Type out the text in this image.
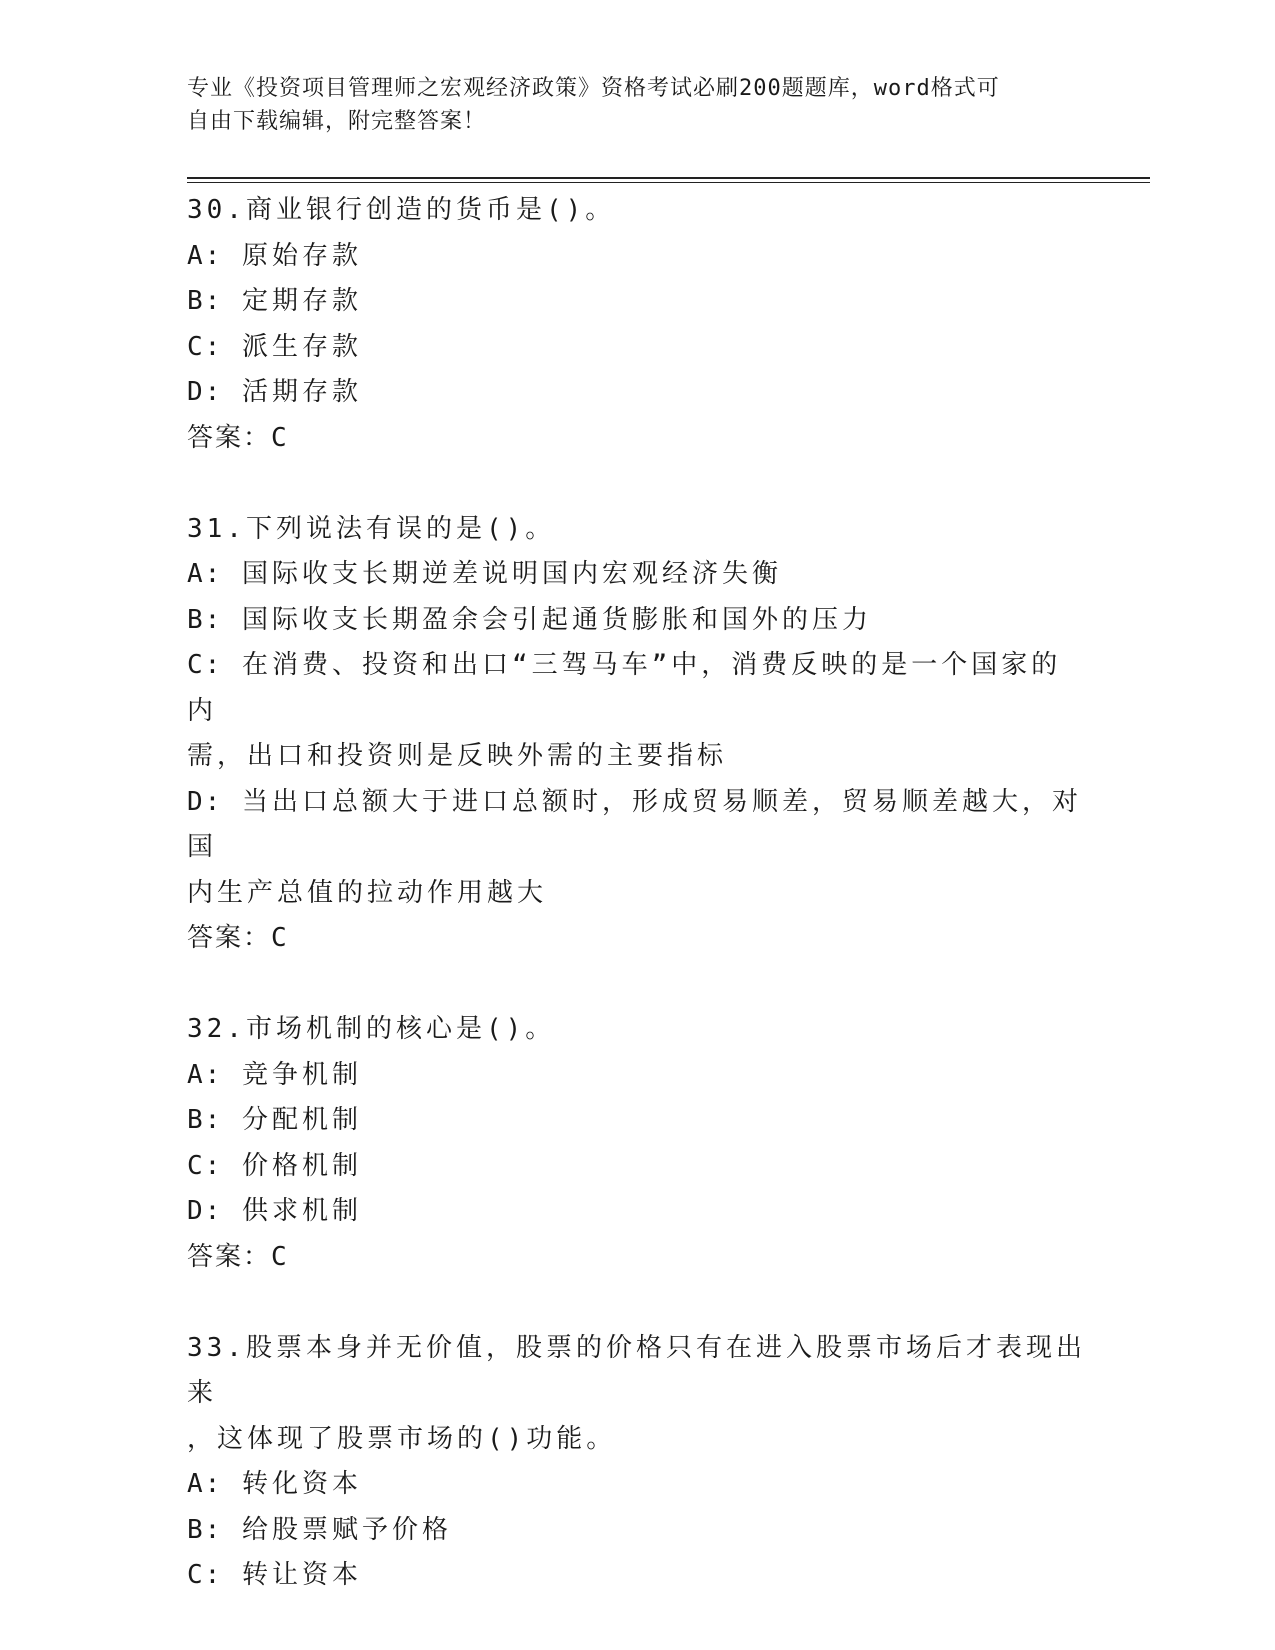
专业《投资项目管理师之宏观经济政策》资格考试必刷200题题库，word格式可
自由下载编辑，附完整答案！
30.商业银行创造的货币是()。
A: 原始存款
B: 定期存款
C: 派生存款
D: 活期存款
答案：C
31.下列说法有误的是()。
A: 国际收支长期逆差说明国内宏观经济失衡
B: 国际收支长期盈余会引起通货膨胀和国外的压力
C: 在消费、投资和出口“三驾马车”中，消费反映的是一个国家的内
需，出口和投资则是反映外需的主要指标
D: 当出口总额大于进口总额时，形成贸易顺差，贸易顺差越大，对国
内生产总值的拉动作用越大
答案：C
32.市场机制的核心是()。
A: 竞争机制
B: 分配机制
C: 价格机制
D: 供求机制
答案：C
33.股票本身并无价值，股票的价格只有在进入股票市场后才表现出来
，这体现了股票市场的()功能。
A: 转化资本
B: 给股票赋予价格
C: 转让资本
